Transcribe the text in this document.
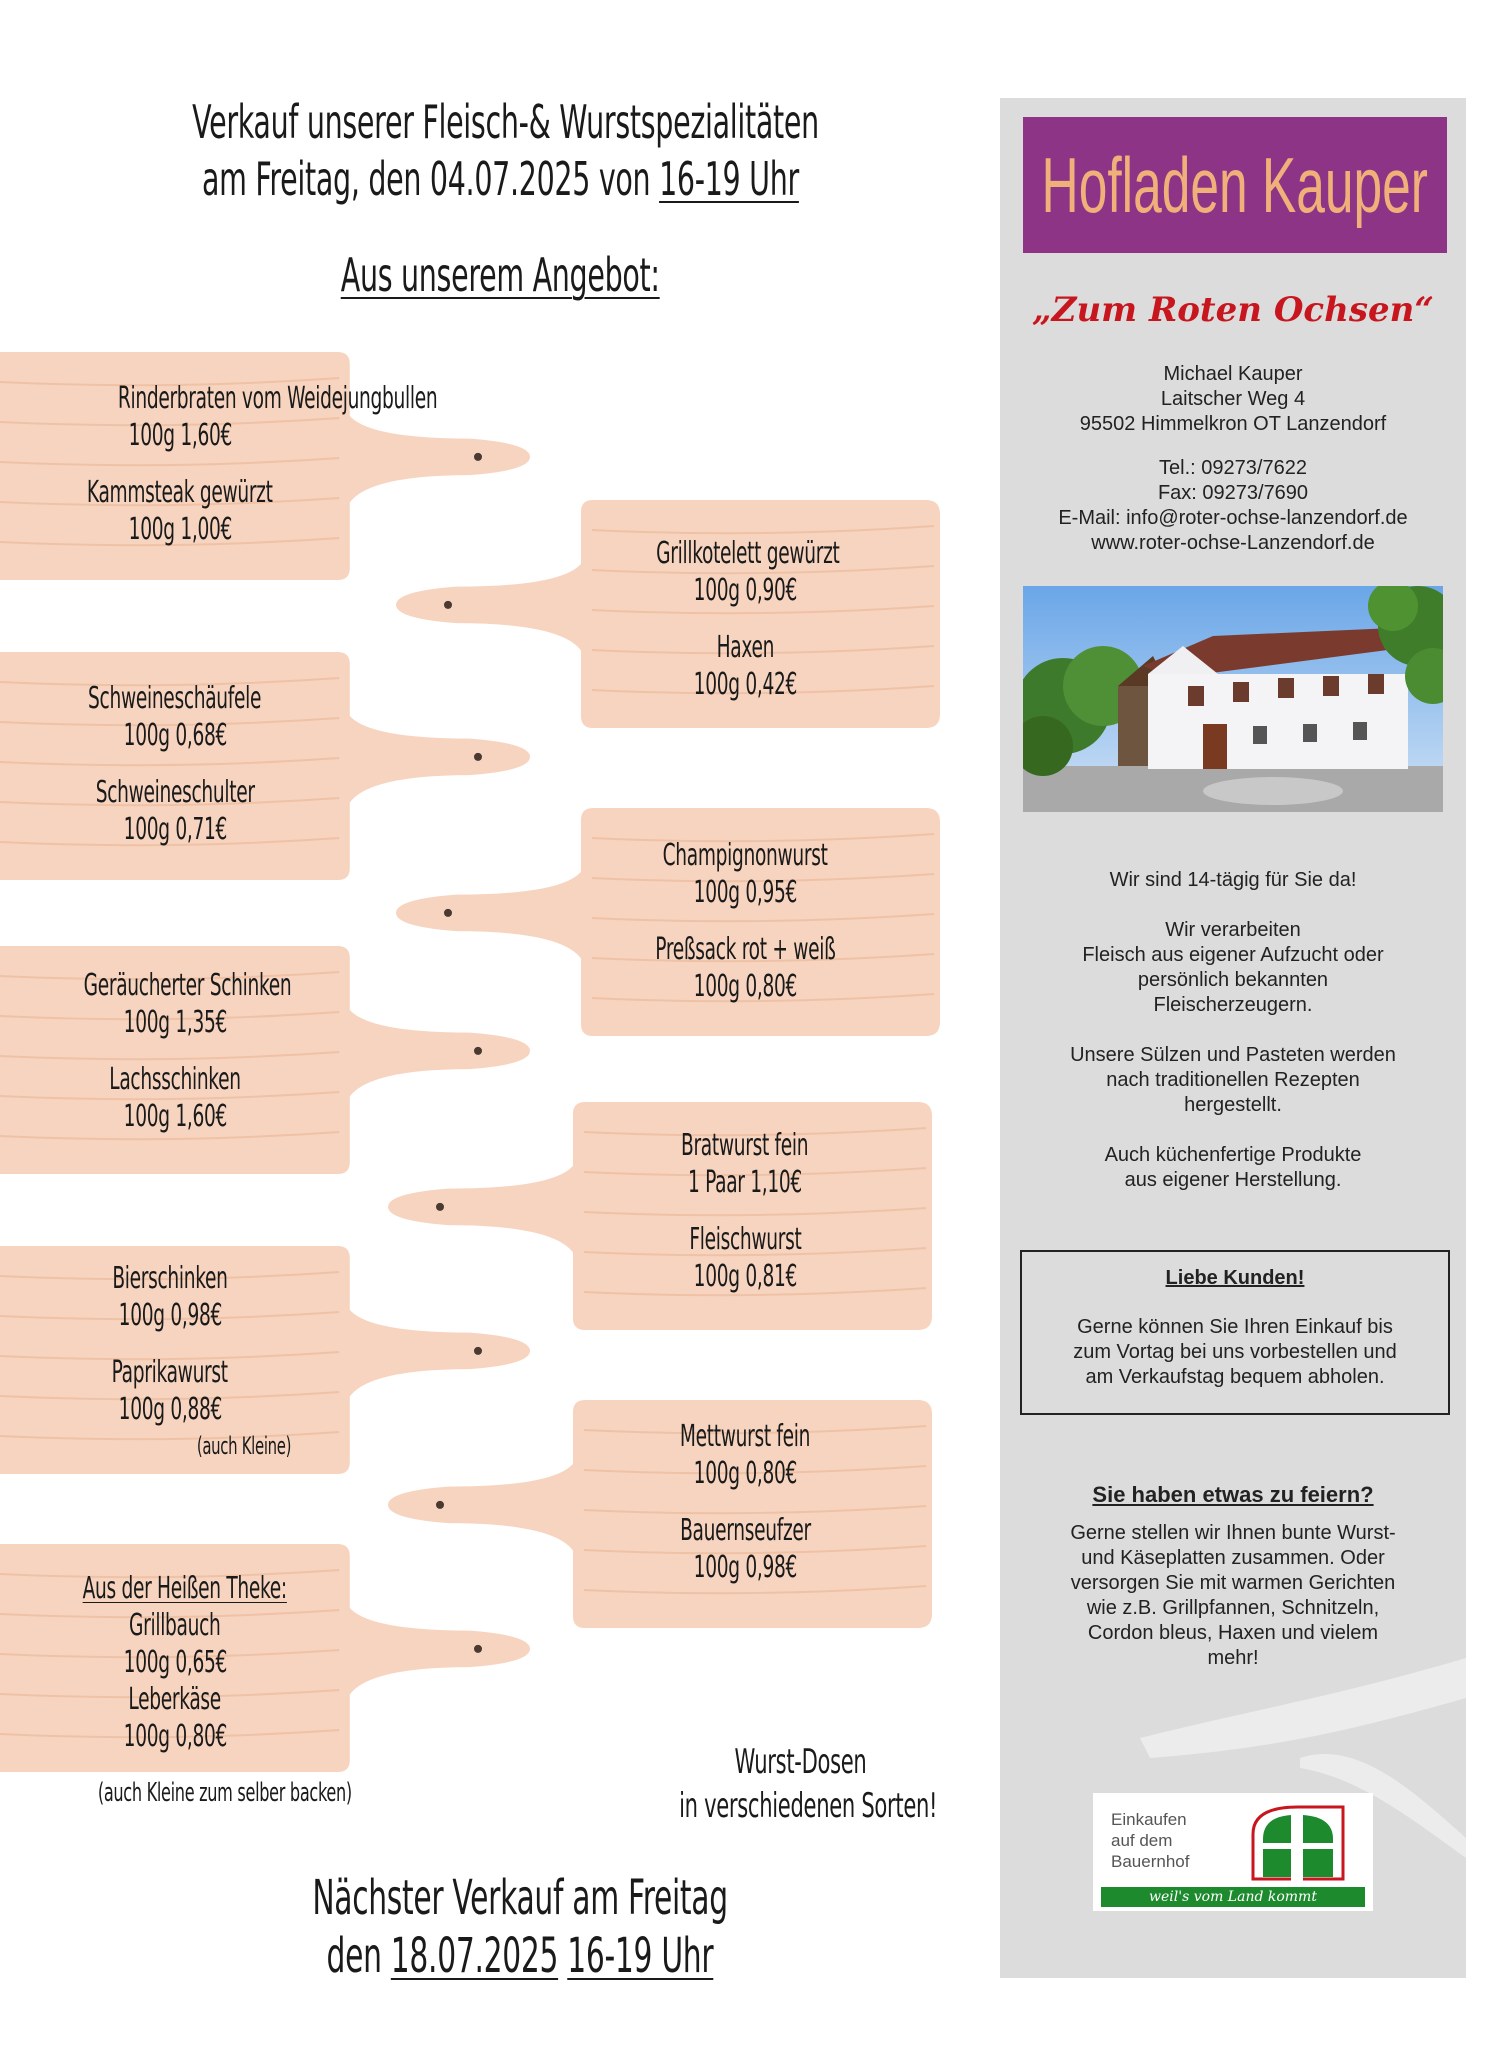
Verkauf unserer Fleisch-& Wurstspezialitäten
am Freitag, den 04.07.2025 von 16-19 Uhr
Aus unserem Angebot:
Rinderbraten vom Weidejungbullen
100g 1,60€
Kammsteak gewürzt
100g 1,00€
Grillkotelett gewürzt
100g 0,90€
Haxen
100g 0,42€
Schweineschäufele
100g 0,68€
Schweineschulter
100g 0,71€
Champignonwurst
100g 0,95€
Preßsack rot + weiß
100g 0,80€
Geräucherter Schinken
100g 1,35€
Lachsschinken
100g 1,60€
Bratwurst fein
1 Paar 1,10€
Fleischwurst
100g 0,81€
Bierschinken
100g 0,98€
Paprikawurst
100g 0,88€
(auch Kleine)	Mettwurst fein
100g 0,80€
Bauernseufzer
100g 0,98€
Aus der Heißen Theke:
Grillbauch
100g 0,65€
Leberkäse
100g 0,80€
(auch Kleine zum selber backen)
Wurst-Dosen
in verschiedenen Sorten!
Nächster Verkauf am Freitag
den 18.07.2025 16-19 Uhr
Hofladen Kauper
„Zum Roten Ochsen“
Michael Kauper
Laitscher Weg 4
95502 Himmelkron OT Lanzendorf
Tel.: 09273/7622
Fax: 09273/7690
E-Mail: info@roter-ochse-lanzendorf.de
www.roter-ochse-Lanzendorf.de
Wir sind 14-tägig für Sie da!
Wir verarbeiten
Fleisch aus eigener Aufzucht oder
persönlich bekannten
Fleischerzeugern.
Unsere Sülzen und Pasteten werden
nach traditionellen Rezepten
hergestellt.
Auch küchenfertige Produkte
aus eigener Herstellung.
Liebe Kunden!
Gerne können Sie Ihren Einkauf bis
zum Vortag bei uns vorbestellen und
am Verkaufstag bequem abholen.
Sie haben etwas zu feiern?
Gerne stellen wir Ihnen bunte Wurst-
und Käseplatten zusammen. Oder
versorgen Sie mit warmen Gerichten
wie z.B. Grillpfannen, Schnitzeln,
Cordon bleus, Haxen und vielem
mehr!
Einkaufen
auf dem
Bauernhof
weil's vom Land kommt
